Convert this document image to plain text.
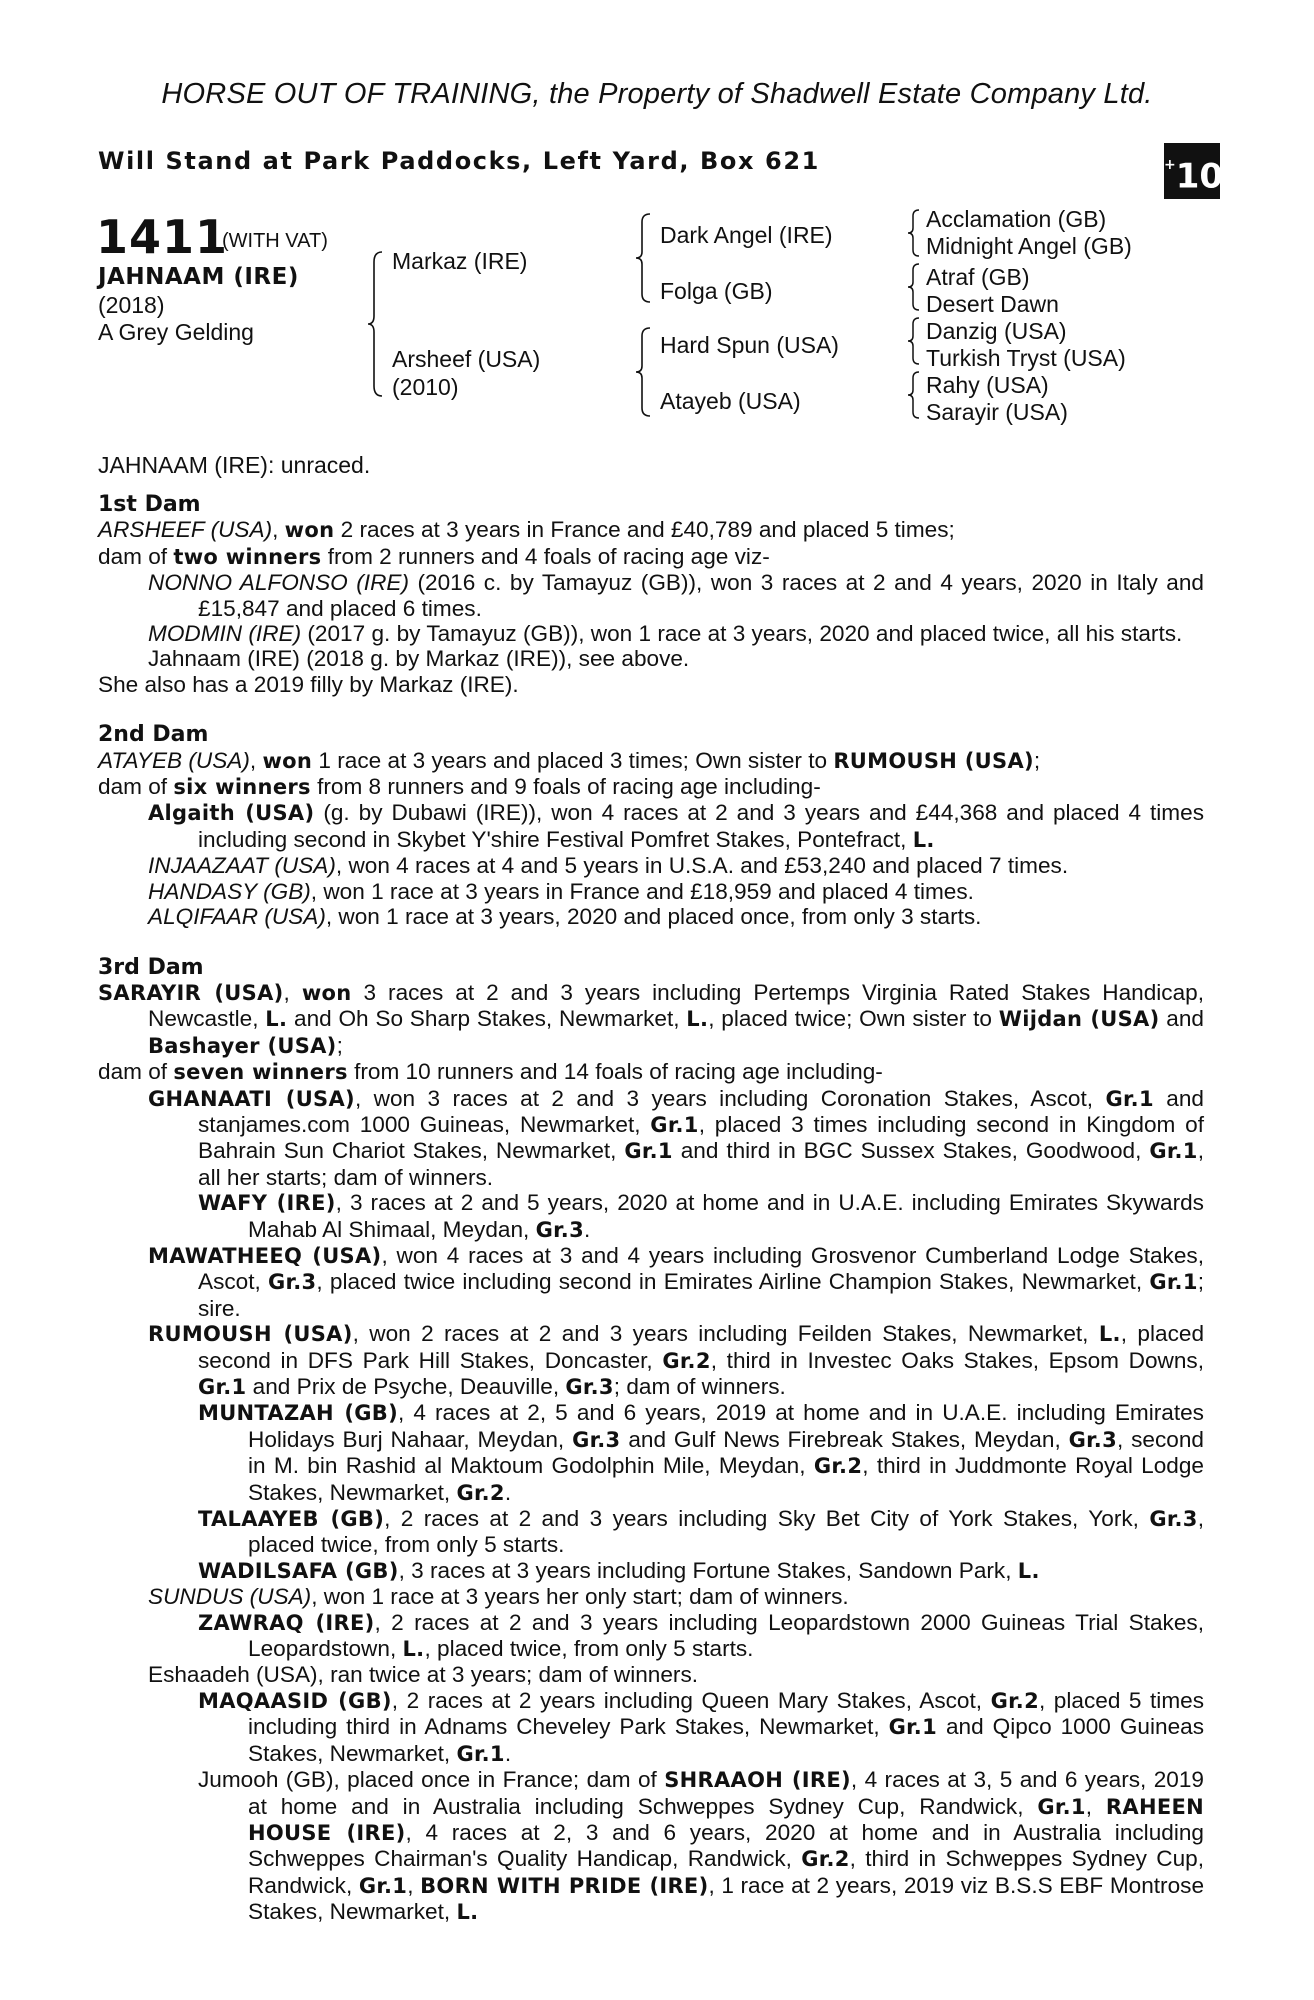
HORSE OUT OF TRAINING, the Property of Shadwell Estate Company Ltd.
Will Stand at Park Paddocks, Left Yard, Box 621	+10
1411
(WITH VAT)
JAHNAAM (IRE)
(2018)
A Grey Gelding
Markaz (IRE)
Arsheef (USA)
(2010)
Dark Angel (IRE)
Folga (GB)
Hard Spun (USA)
Atayeb (USA)
Acclamation (GB)
Midnight Angel (GB)
Atraf (GB)
Desert Dawn
Danzig (USA)
Turkish Tryst (USA)
Rahy (USA)
Sarayir (USA)
JAHNAAM (IRE): unraced.
1st Dam

ARSHEEF (USA), won 2 races at 3 years in France and £40,789 and placed 5 times;

dam of two winners from 2 runners and 4 foals of racing age viz-

NONNO ALFONSO (IRE) (2016 c. by Tamayuz (GB)), won 3 races at 2 and 4 years, 2020 in Italy and £15,847 and placed 6 times.

MODMIN (IRE) (2017 g. by Tamayuz (GB)), won 1 race at 3 years, 2020 and placed twice, all his starts.

Jahnaam (IRE) (2018 g. by Markaz (IRE)), see above.

She also has a 2019 filly by Markaz (IRE).

2nd Dam

ATAYEB (USA), won 1 race at 3 years and placed 3 times; Own sister to RUMOUSH (USA);

dam of six winners from 8 runners and 9 foals of racing age including-

Algaith (USA) (g. by Dubawi (IRE)), won 4 races at 2 and 3 years and £44,368 and placed 4 times including second in Skybet Y'shire Festival Pomfret Stakes, Pontefract, L.

INJAAZAAT (USA), won 4 races at 4 and 5 years in U.S.A. and £53,240 and placed 7 times.

HANDASY (GB), won 1 race at 3 years in France and £18,959 and placed 4 times.

ALQIFAAR (USA), won 1 race at 3 years, 2020 and placed once, from only 3 starts.

3rd Dam

SARAYIR (USA), won 3 races at 2 and 3 years including Pertemps Virginia Rated Stakes Handicap, Newcastle, L. and Oh So Sharp Stakes, Newmarket, L., placed twice; Own sister to Wijdan (USA) and Bashayer (USA);

dam of seven winners from 10 runners and 14 foals of racing age including-

GHANAATI (USA), won 3 races at 2 and 3 years including Coronation Stakes, Ascot, Gr.1 and stanjames.com 1000 Guineas, Newmarket, Gr.1, placed 3 times including second in Kingdom of Bahrain Sun Chariot Stakes, Newmarket, Gr.1 and third in BGC Sussex Stakes, Goodwood, Gr.1, all her starts; dam of winners.

WAFY (IRE), 3 races at 2 and 5 years, 2020 at home and in U.A.E. including Emirates Skywards Mahab Al Shimaal, Meydan, Gr.3.

MAWATHEEQ (USA), won 4 races at 3 and 4 years including Grosvenor Cumberland Lodge Stakes, Ascot, Gr.3, placed twice including second in Emirates Airline Champion Stakes, Newmarket, Gr.1; sire.

RUMOUSH (USA), won 2 races at 2 and 3 years including Feilden Stakes, Newmarket, L., placed second in DFS Park Hill Stakes, Doncaster, Gr.2, third in Investec Oaks Stakes, Epsom Downs, Gr.1 and Prix de Psyche, Deauville, Gr.3; dam of winners.

MUNTAZAH (GB), 4 races at 2, 5 and 6 years, 2019 at home and in U.A.E. including Emirates Holidays Burj Nahaar, Meydan, Gr.3 and Gulf News Firebreak Stakes, Meydan, Gr.3, second in M. bin Rashid al Maktoum Godolphin Mile, Meydan, Gr.2, third in Juddmonte Royal Lodge Stakes, Newmarket, Gr.2.

TALAAYEB (GB), 2 races at 2 and 3 years including Sky Bet City of York Stakes, York, Gr.3, placed twice, from only 5 starts.

WADILSAFA (GB), 3 races at 3 years including Fortune Stakes, Sandown Park, L.

SUNDUS (USA), won 1 race at 3 years her only start; dam of winners.

ZAWRAQ (IRE), 2 races at 2 and 3 years including Leopardstown 2000 Guineas Trial Stakes, Leopardstown, L., placed twice, from only 5 starts.

Eshaadeh (USA), ran twice at 3 years; dam of winners.

MAQAASID (GB), 2 races at 2 years including Queen Mary Stakes, Ascot, Gr.2, placed 5 times including third in Adnams Cheveley Park Stakes, Newmarket, Gr.1 and Qipco 1000 Guineas Stakes, Newmarket, Gr.1.

Jumooh (GB), placed once in France; dam of SHRAAOH (IRE), 4 races at 3, 5 and 6 years, 2019 at home and in Australia including Schweppes Sydney Cup, Randwick, Gr.1, RAHEEN HOUSE (IRE), 4 races at 2, 3 and 6 years, 2020 at home and in Australia including Schweppes Chairman's Quality Handicap, Randwick, Gr.2, third in Schweppes Sydney Cup, Randwick, Gr.1, BORN WITH PRIDE (IRE), 1 race at 2 years, 2019 viz B.S.S EBF Montrose Stakes, Newmarket, L.
